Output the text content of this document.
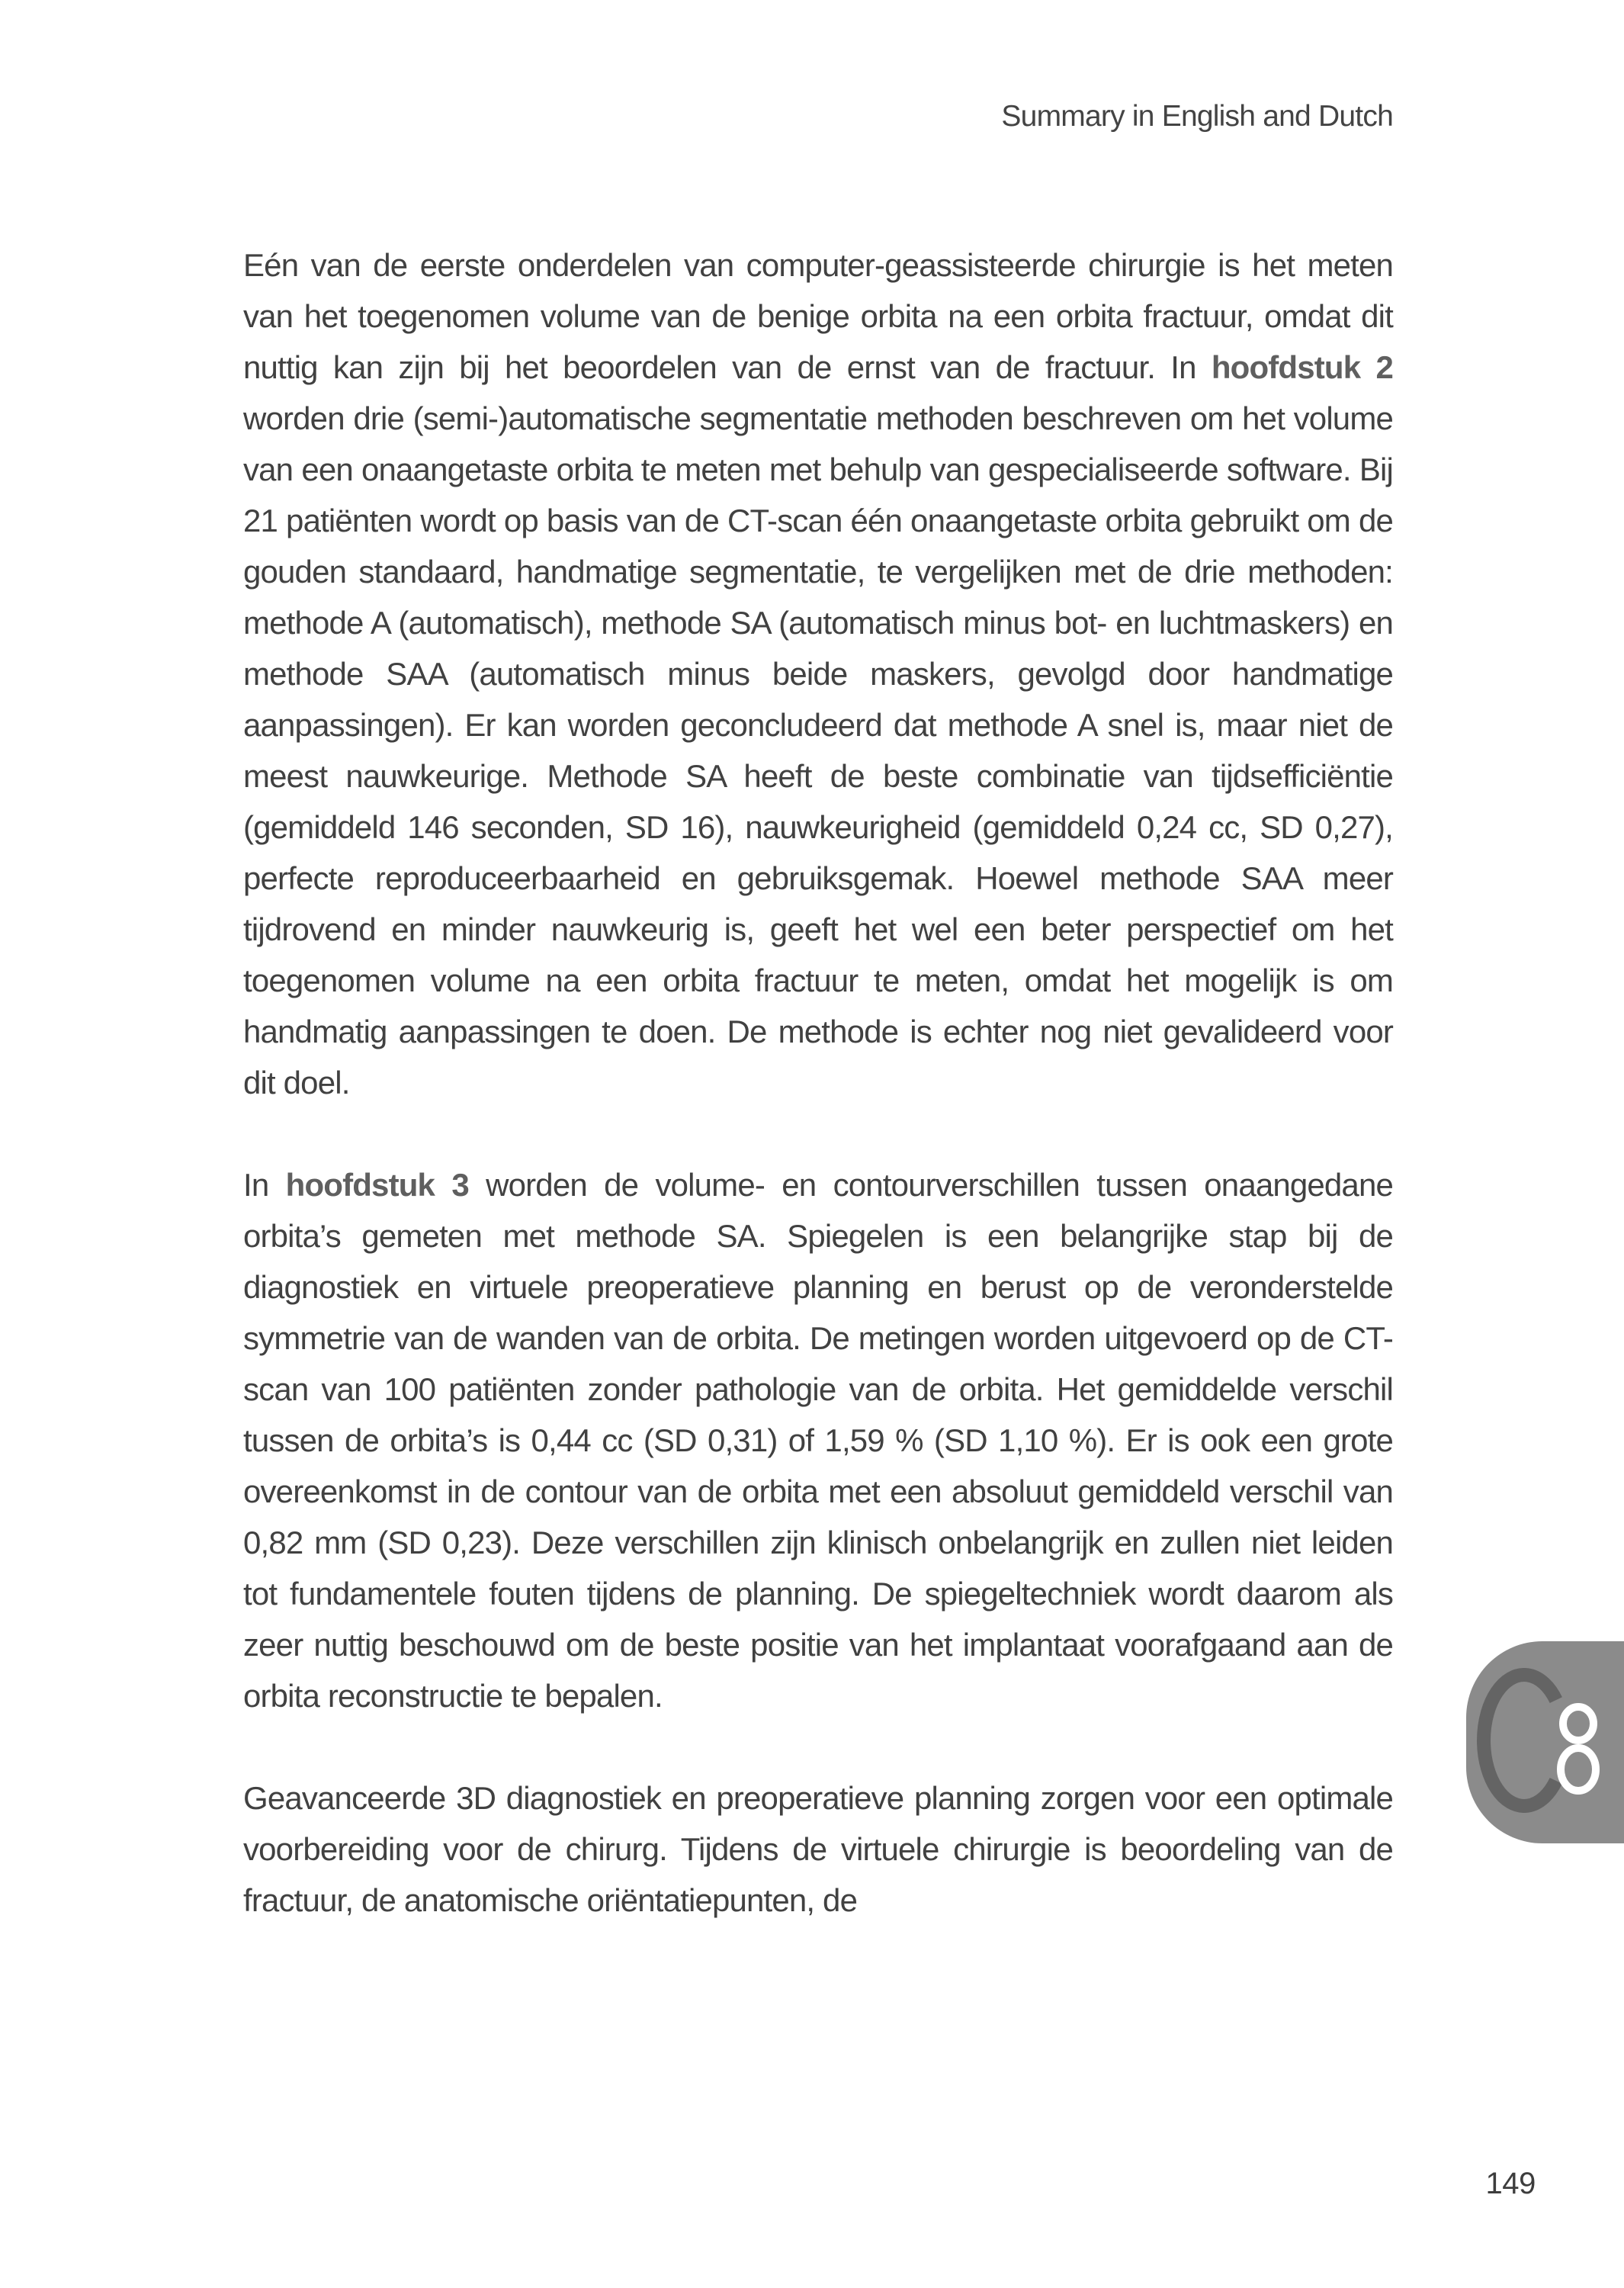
Summary in English and Dutch

Eén van de eerste onderdelen van computer-geassisteerde chirurgie is het meten van het toegenomen volume van de benige orbita na een orbita fractuur, omdat dit nuttig kan zijn bij het beoordelen van de ernst van de fractuur. In hoofdstuk 2 worden drie (semi-)automatische segmentatie methoden beschreven om het volume van een onaangetaste orbita te meten met behulp van gespecialiseerde software. Bij 21 patiënten wordt op basis van de CT-scan één onaangetaste orbita gebruikt om de gouden standaard, handmatige segmentatie, te vergelijken met de drie methoden: methode A (automatisch), methode SA (automatisch minus bot- en luchtmaskers) en methode SAA (automatisch minus beide maskers, gevolgd door handmatige aanpassingen). Er kan worden geconcludeerd dat methode A snel is, maar niet de meest nauwkeurige. Methode SA heeft de beste combinatie van tijdsefficiëntie (gemiddeld 146 seconden, SD 16), nauwkeurigheid (gemiddeld 0,24 cc, SD 0,27), perfecte reproduceerbaarheid en gebruiksgemak. Hoewel methode SAA meer tijdrovend en minder nauwkeurig is, geeft het wel een beter perspectief om het toegenomen volume na een orbita fractuur te meten, omdat het mogelijk is om handmatig aanpassingen te doen. De methode is echter nog niet gevalideerd voor dit doel.

In hoofdstuk 3 worden de volume- en contourverschillen tussen onaangedane orbita’s gemeten met methode SA. Spiegelen is een belangrijke stap bij de diagnostiek en virtuele preoperatieve planning en berust op de veronderstelde symmetrie van de wanden van de orbita. De metingen worden uitgevoerd op de CT-scan van 100 patiënten zonder pathologie van de orbita. Het gemiddelde verschil tussen de orbita’s is 0,44 cc (SD 0,31) of 1,59 % (SD 1,10 %). Er is ook een grote overeenkomst in de contour van de orbita met een absoluut gemiddeld verschil van 0,82 mm (SD 0,23). Deze verschillen zijn klinisch onbelangrijk en zullen niet leiden tot fundamentele fouten tijdens de planning. De spiegeltechniek wordt daarom als zeer nuttig beschouwd om de beste positie van het implantaat voorafgaand aan de orbita reconstructie te bepalen.

Geavanceerde 3D diagnostiek en preoperatieve planning zorgen voor een optimale voorbereiding voor de chirurg. Tijdens de virtuele chirurgie is beoordeling van de fractuur, de anatomische oriëntatiepunten, de

149
